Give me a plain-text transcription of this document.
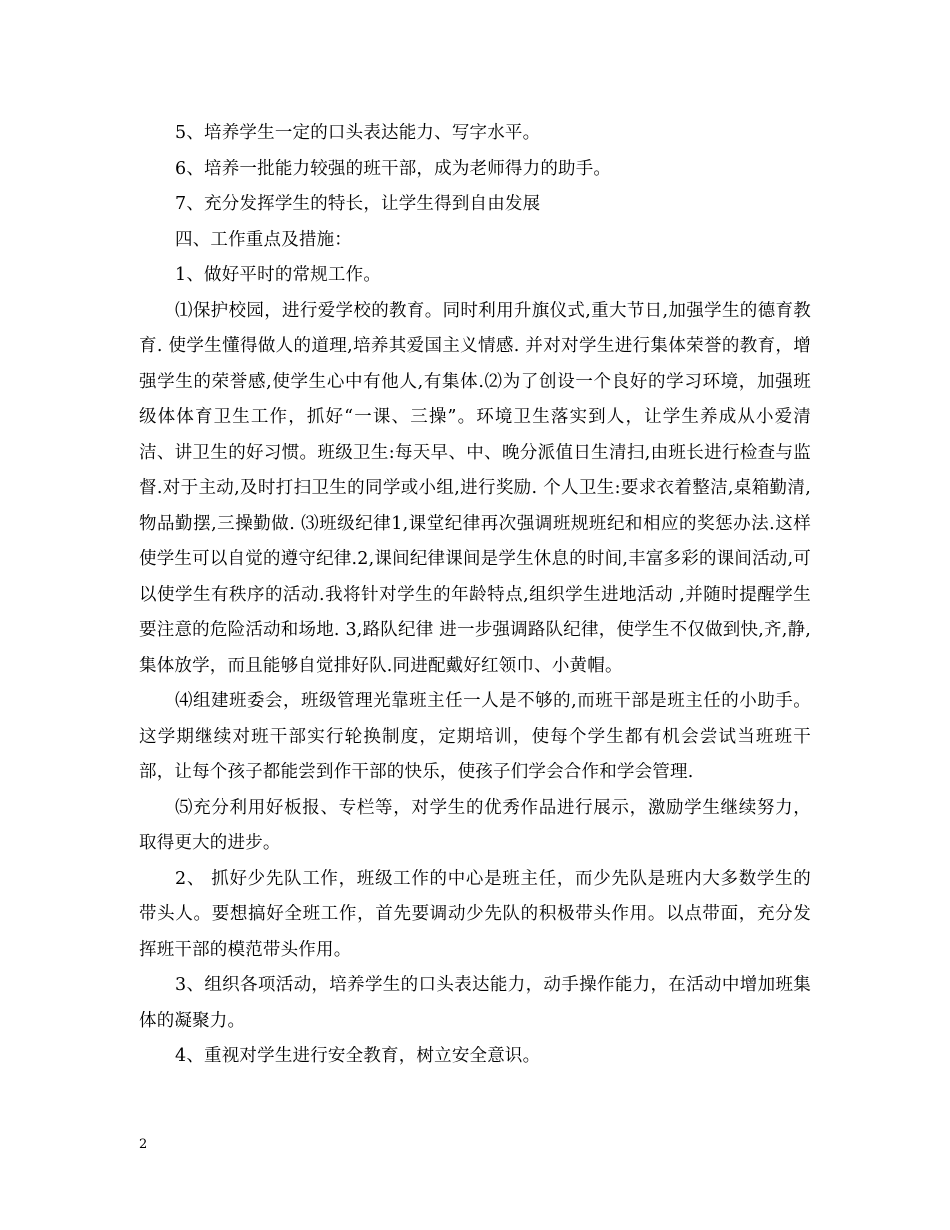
5、培养学生一定的口头表达能力、写字水平。

6、培养一批能力较强的班干部，成为老师得力的助手。

7、充分发挥学生的特长，让学生得到自由发展

四、工作重点及措施：

1、做好平时的常规工作。

⑴保护校园，进行爱学校的教育。同时利用升旗仪式,重大节日,加强学生的德育教育. 使学生懂得做人的道理,培养其爱国主义情感. 并对对学生进行集体荣誉的教育，增强学生的荣誉感,使学生心中有他人,有集体.⑵为了创设一个良好的学习环境，加强班级体体育卫生工作，抓好“一课、三操”。环境卫生落实到人，让学生养成从小爱清洁、讲卫生的好习惯。班级卫生:每天早、中、晚分派值日生清扫,由班长进行检查与监督.对于主动,及时打扫卫生的同学或小组,进行奖励. 个人卫生:要求衣着整洁,桌箱勤清,物品勤摆,三操勤做. ⑶班级纪律1,课堂纪律再次强调班规班纪和相应的奖惩办法.这样使学生可以自觉的遵守纪律.2,课间纪律课间是学生休息的时间,丰富多彩的课间活动,可以使学生有秩序的活动.我将针对学生的年龄特点,组织学生进地活动 ,并随时提醒学生要注意的危险活动和场地. 3,路队纪律 进一步强调路队纪律，使学生不仅做到快,齐,静,集体放学，而且能够自觉排好队.同进配戴好红领巾、小黄帽。

⑷组建班委会，班级管理光靠班主任一人是不够的,而班干部是班主任的小助手。这学期继续对班干部实行轮换制度，定期培训，使每个学生都有机会尝试当班班干部，让每个孩子都能尝到作干部的快乐，使孩子们学会合作和学会管理.

⑸充分利用好板报、专栏等，对学生的优秀作品进行展示，激励学生继续努力，取得更大的进步。

2、 抓好少先队工作，班级工作的中心是班主任，而少先队是班内大多数学生的带头人。要想搞好全班工作，首先要调动少先队的积极带头作用。以点带面，充分发挥班干部的模范带头作用。

3、组织各项活动，培养学生的口头表达能力，动手操作能力，在活动中增加班集体的凝聚力。

4、重视对学生进行安全教育，树立安全意识。

2
